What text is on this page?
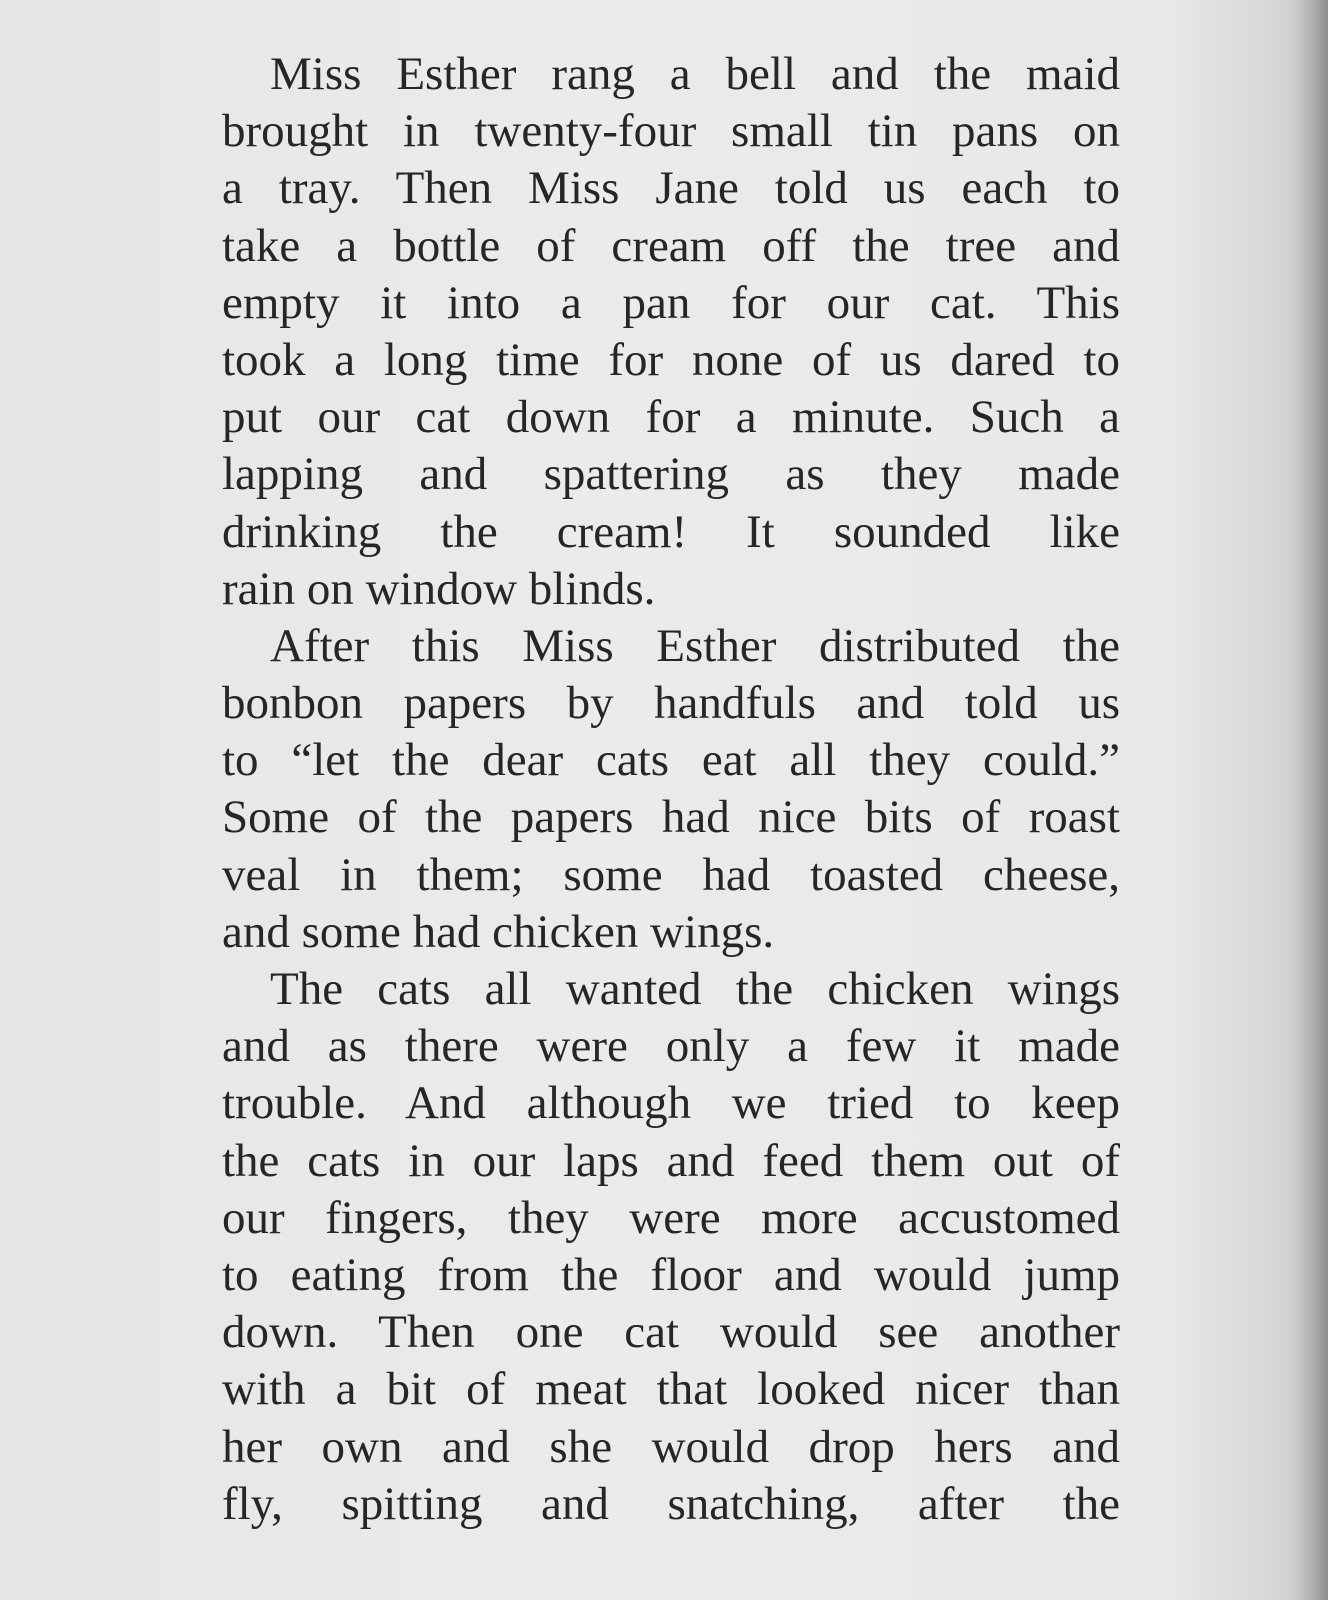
Miss Esther rang a bell and the maid
brought in twenty-four small tin pans on
a tray. Then Miss Jane told us each to
take a bottle of cream off the tree and
empty it into a pan for our cat. This
took a long time for none of us dared to
put our cat down for a minute. Such a
lapping and spattering as they made
drinking the cream! It sounded like
rain on window blinds.
After this Miss Esther distributed the
bonbon papers by handfuls and told us
to “let the dear cats eat all they could.”
Some of the papers had nice bits of roast
veal in them; some had toasted cheese,
and some had chicken wings.
The cats all wanted the chicken wings
and as there were only a few it made
trouble. And although we tried to keep
the cats in our laps and feed them out of
our fingers, they were more accustomed
to eating from the floor and would jump
down. Then one cat would see another
with a bit of meat that looked nicer than
her own and she would drop hers and
fly, spitting and snatching, after the
